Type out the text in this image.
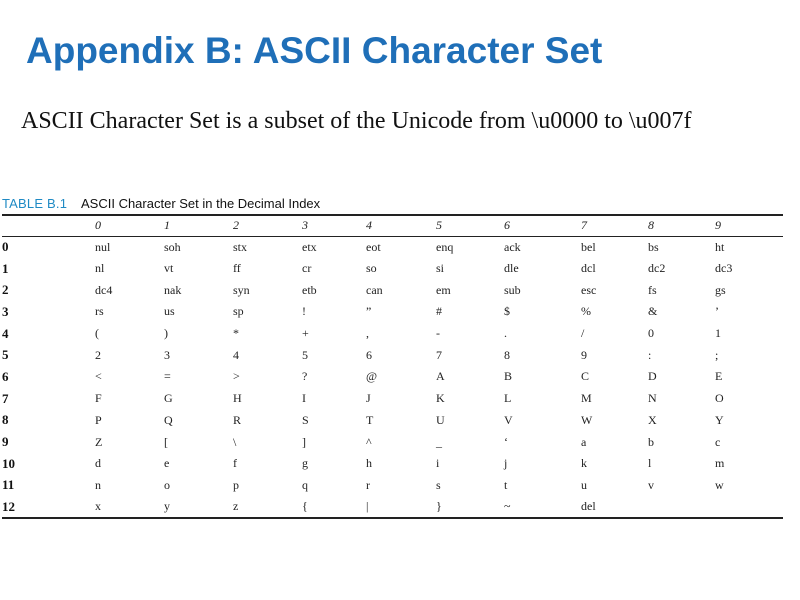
Appendix B: ASCII Character Set

ASCII Character Set is a subset of the Unicode from \u0000 to \u007f

TABLE B.1 ASCII Character Set in the Decimal Index
	0	1	2	3	4	5	6	7	8	9
0	nul	soh	stx	etx	eot	enq	ack	bel	bs	ht
1	nl	vt	ff	cr	so	si	dle	dcl	dc2	dc3
2	dc4	nak	syn	etb	can	em	sub	esc	fs	gs
3	rs	us	sp	!	”	#	$	%	&	’
4	(	)	*	+	,	-	.	/	0	1
5	2	3	4	5	6	7	8	9	:	;
6	<	=	>	?	@	A	B	C	D	E
7	F	G	H	I	J	K	L	M	N	O
8	P	Q	R	S	T	U	V	W	X	Y
9	Z	[	\	]	^	_	‘	a	b	c
10	d	e	f	g	h	i	j	k	l	m
11	n	o	p	q	r	s	t	u	v	w
12	x	y	z	{	|	}	~	del		
